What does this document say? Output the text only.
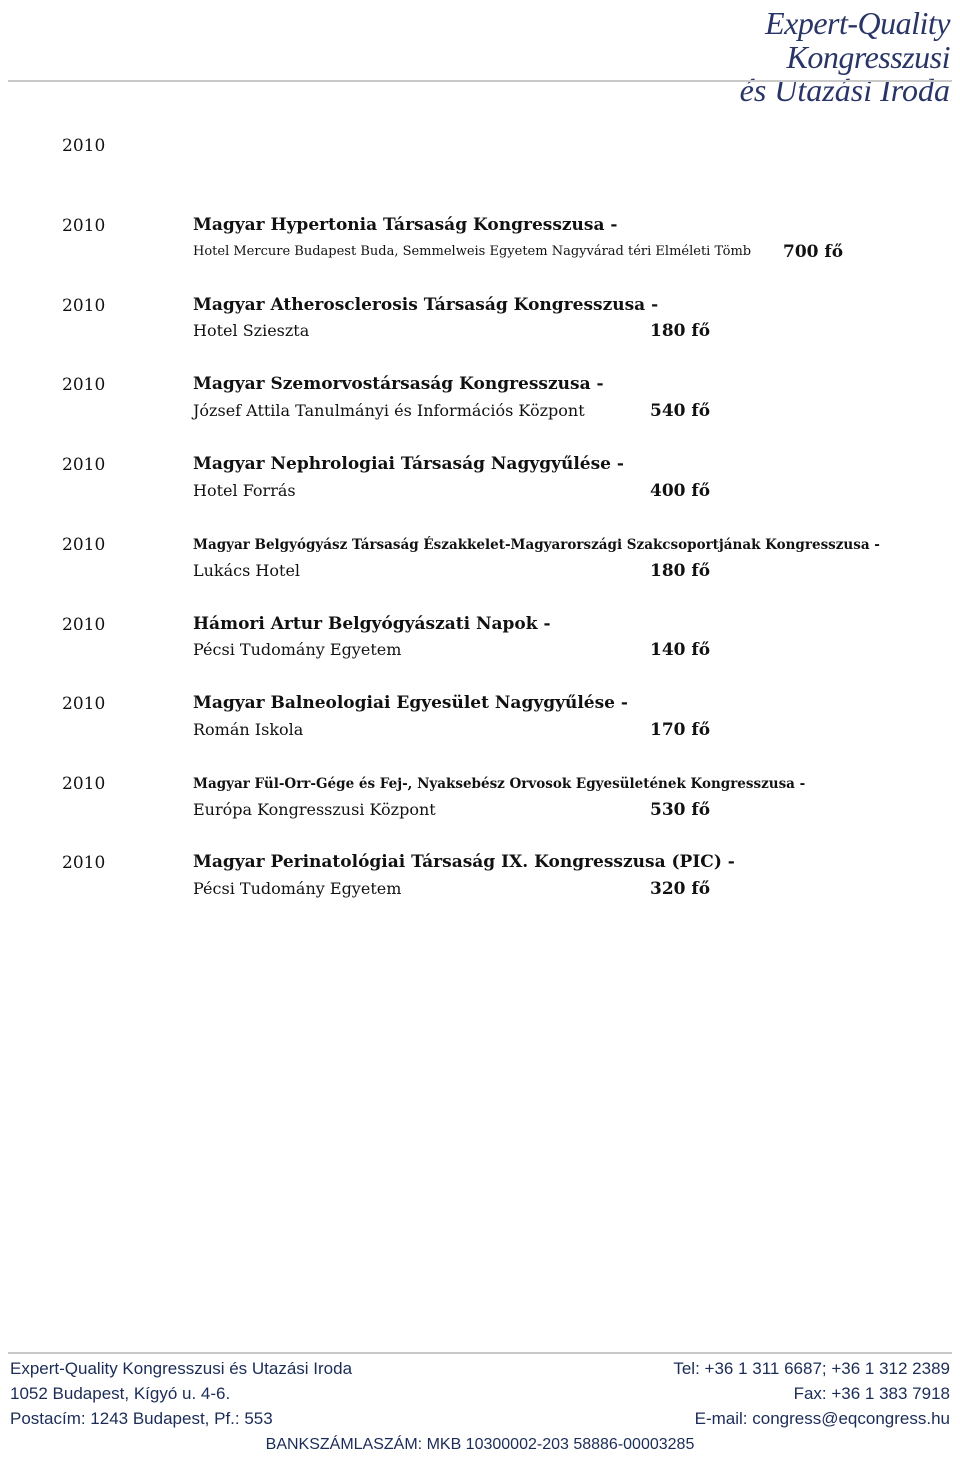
Expert-Quality Kongresszusi
és Utazási Iroda
2010
2010	Magyar Hypertonia Társaság Kongresszusa -
Hotel Mercure Budapest Buda, Semmelweis Egyetem Nagyvárad téri Elméleti Tömb 700 fő
2010	Magyar Atherosclerosis Társaság Kongresszusa -
Hotel Szieszta	180 fő
2010	Magyar Szemorvostársaság Kongresszusa -
József Attila Tanulmányi és Információs Központ	540 fő
2010	Magyar Nephrologiai Társaság Nagygyűlése -
Hotel Forrás	400 fő
2010	Magyar Belgyógyász Társaság Északkelet-Magyarországi Szakcsoportjának Kongresszusa -
Lukács Hotel	180 fő
2010	Hámori Artur Belgyógyászati Napok -
Pécsi Tudomány Egyetem	140 fő
2010	Magyar Balneologiai Egyesület Nagygyűlése -
Román Iskola	170 fő
2010	Magyar Fül-Orr-Gége és Fej-, Nyaksebész Orvosok Egyesületének Kongresszusa -
Európa Kongresszusi Központ	530 fő
2010	Magyar Perinatológiai Társaság IX. Kongresszusa (PIC) -
Pécsi Tudomány Egyetem	320 fő
Expert-Quality Kongresszusi és Utazási Iroda
1052 Budapest, Kígyó u. 4-6.
Postacím: 1243 Budapest, Pf.: 553
Tel: +36 1 311 6687; +36 1 312 2389
Fax: +36 1 383 7918
E-mail: congress@eqcongress.hu
BANKSZÁMLASZÁM: MKB 10300002-203 58886-00003285
